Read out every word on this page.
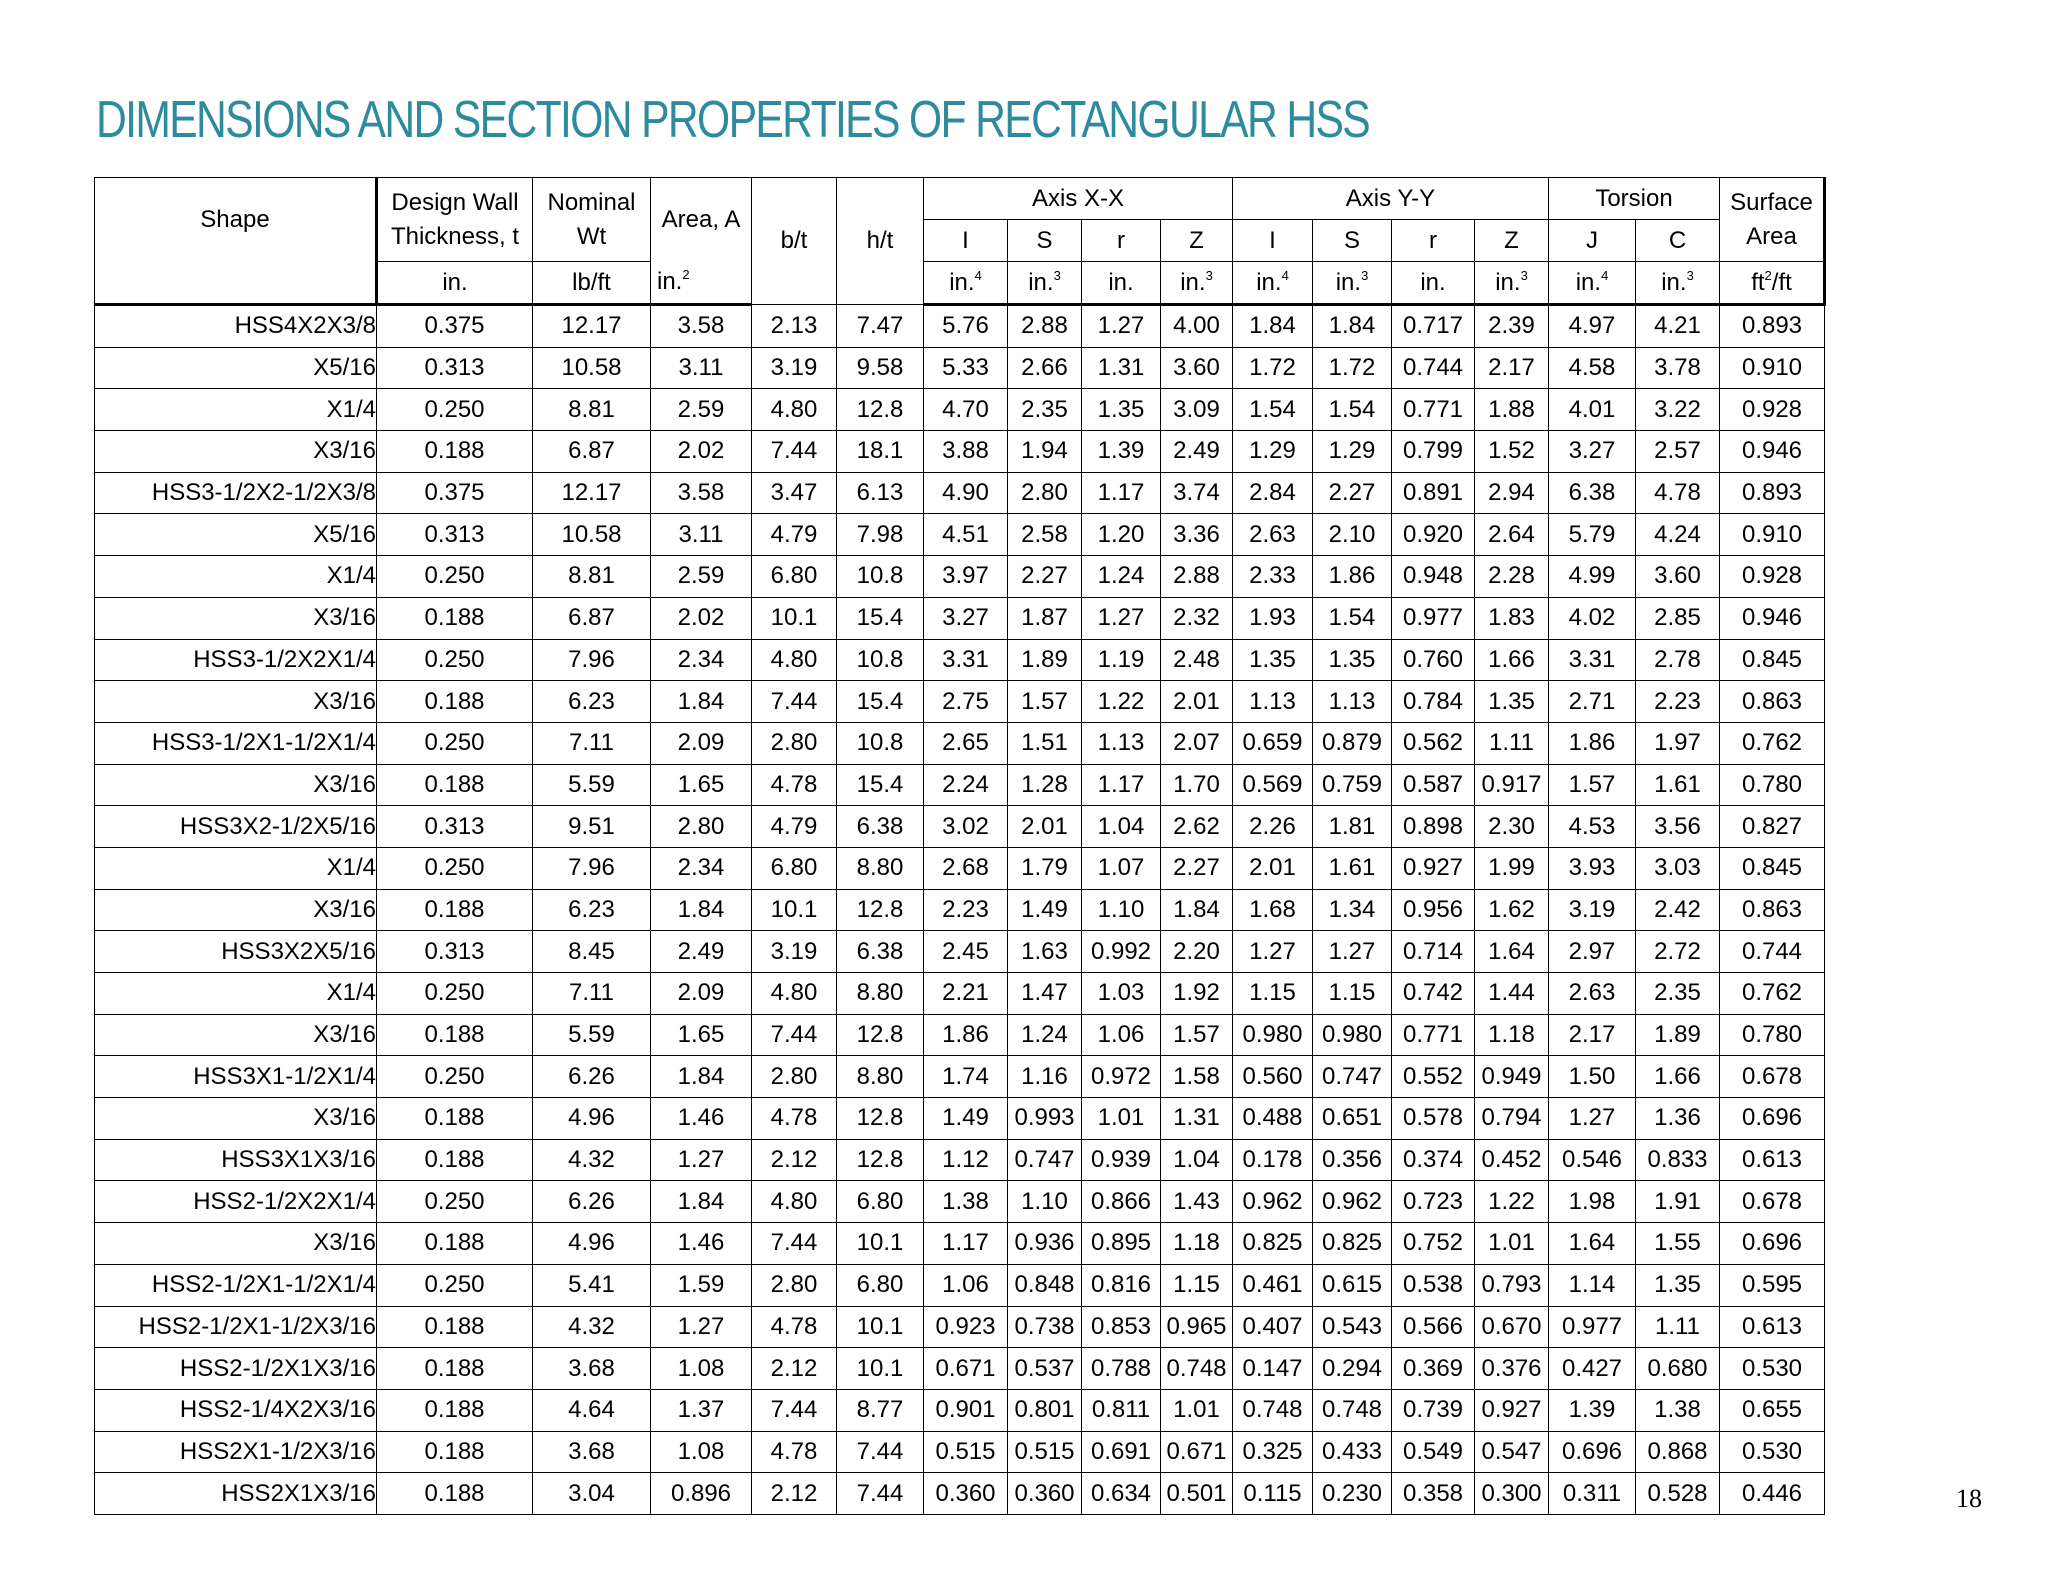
DIMENSIONS AND SECTION PROPERTIES OF RECTANGULAR HSS
Shape	Design Wall Thickness, t	Nominal Wt	Area, A	b/t	h/t	Axis X-X				Axis Y-Y				Torsion		Surface Area
						I	S	r	Z	I	S	r	Z	J	C	
	in.	lb/ft	in.$^2$			in.$^4$	in.$^3$	in.	in.$^3$	in.$^4$	in.$^3$	in.	in.$^3$	in.$^4$	in.$^3$	$ft^2/ft$
HSS4X2X3/8	0.375	12.17	3.58	2.13	7.47	5.76	2.88	1.27	4.00	1.84	1.84	0.717	2.39	4.97	4.21	0.893
X5/16	0.313	10.58	3.11	3.19	9.58	5.33	2.66	1.31	3.60	1.72	1.72	0.744	2.17	4.58	3.78	0.910
X1/4	0.250	8.81	2.59	4.80	12.8	4.70	2.35	1.35	3.09	1.54	1.54	0.771	1.88	4.01	3.22	0.928
X3/16	0.188	6.87	2.02	7.44	18.1	3.88	1.94	1.39	2.49	1.29	1.29	0.799	1.52	3.27	2.57	0.946
HSS3-1/2X2-1/2X3/8	0.375	12.17	3.58	3.47	6.13	4.90	2.80	1.17	3.74	2.84	2.27	0.891	2.94	6.38	4.78	0.893
X5/16	0.313	10.58	3.11	4.79	7.98	4.51	2.58	1.20	3.36	2.63	2.10	0.920	2.64	5.79	4.24	0.910
X1/4	0.250	8.81	2.59	6.80	10.8	3.97	2.27	1.24	2.88	2.33	1.86	0.948	2.28	4.99	3.60	0.928
X3/16	0.188	6.87	2.02	10.1	15.4	3.27	1.87	1.27	2.32	1.93	1.54	0.977	1.83	4.02	2.85	0.946
HSS3-1/2X2X1/4	0.250	7.96	2.34	4.80	10.8	3.31	1.89	1.19	2.48	1.35	1.35	0.760	1.66	3.31	2.78	0.845
X3/16	0.188	6.23	1.84	7.44	15.4	2.75	1.57	1.22	2.01	1.13	1.13	0.784	1.35	2.71	2.23	0.863
HSS3-1/2X1-1/2X1/4	0.250	7.11	2.09	2.80	10.8	2.65	1.51	1.13	2.07	0.659	0.879	0.562	1.11	1.86	1.97	0.762
X3/16	0.188	5.59	1.65	4.78	15.4	2.24	1.28	1.17	1.70	0.569	0.759	0.587	0.917	1.57	1.61	0.780
HSS3X2-1/2X5/16	0.313	9.51	2.80	4.79	6.38	3.02	2.01	1.04	2.62	2.26	1.81	0.898	2.30	4.53	3.56	0.827
X1/4	0.250	7.96	2.34	6.80	8.80	2.68	1.79	1.07	2.27	2.01	1.61	0.927	1.99	3.93	3.03	0.845
X3/16	0.188	6.23	1.84	10.1	12.8	2.23	1.49	1.10	1.84	1.68	1.34	0.956	1.62	3.19	2.42	0.863
HSS3X2X5/16	0.313	8.45	2.49	3.19	6.38	2.45	1.63	0.992	2.20	1.27	1.27	0.714	1.64	2.97	2.72	0.744
X1/4	0.250	7.11	2.09	4.80	8.80	2.21	1.47	1.03	1.92	1.15	1.15	0.742	1.44	2.63	2.35	0.762
X3/16	0.188	5.59	1.65	7.44	12.8	1.86	1.24	1.06	1.57	0.980	0.980	0.771	1.18	2.17	1.89	0.780
HSS3X1-1/2X1/4	0.250	6.26	1.84	2.80	8.80	1.74	1.16	0.972	1.58	0.560	0.747	0.552	0.949	1.50	1.66	0.678
X3/16	0.188	4.96	1.46	4.78	12.8	1.49	0.993	1.01	1.31	0.488	0.651	0.578	0.794	1.27	1.36	0.696
HSS3X1X3/16	0.188	4.32	1.27	2.12	12.8	1.12	0.747	0.939	1.04	0.178	0.356	0.374	0.452	0.546	0.833	0.613
HSS2-1/2X2X1/4	0.250	6.26	1.84	4.80	6.80	1.38	1.10	0.866	1.43	0.962	0.962	0.723	1.22	1.98	1.91	0.678
X3/16	0.188	4.96	1.46	7.44	10.1	1.17	0.936	0.895	1.18	0.825	0.825	0.752	1.01	1.64	1.55	0.696
HSS2-1/2X1-1/2X1/4	0.250	5.41	1.59	2.80	6.80	1.06	0.848	0.816	1.15	0.461	0.615	0.538	0.793	1.14	1.35	0.595
HSS2-1/2X1-1/2X3/16	0.188	4.32	1.27	4.78	10.1	0.923	0.738	0.853	0.965	0.407	0.543	0.566	0.670	0.977	1.11	0.613
HSS2-1/2X1X3/16	0.188	3.68	1.08	2.12	10.1	0.671	0.537	0.788	0.748	0.147	0.294	0.369	0.376	0.427	0.680	0.530
HSS2-1/4X2X3/16	0.188	4.64	1.37	7.44	8.77	0.901	0.801	0.811	1.01	0.748	0.748	0.739	0.927	1.39	1.38	0.655
HSS2X1-1/2X3/16	0.188	3.68	1.08	4.78	7.44	0.515	0.515	0.691	0.671	0.325	0.433	0.549	0.547	0.696	0.868	0.530
HSS2X1X3/16	0.188	3.04	0.896	2.12	7.44	0.360	0.360	0.634	0.501	0.115	0.230	0.358	0.300	0.311	0.528	0.446	18
